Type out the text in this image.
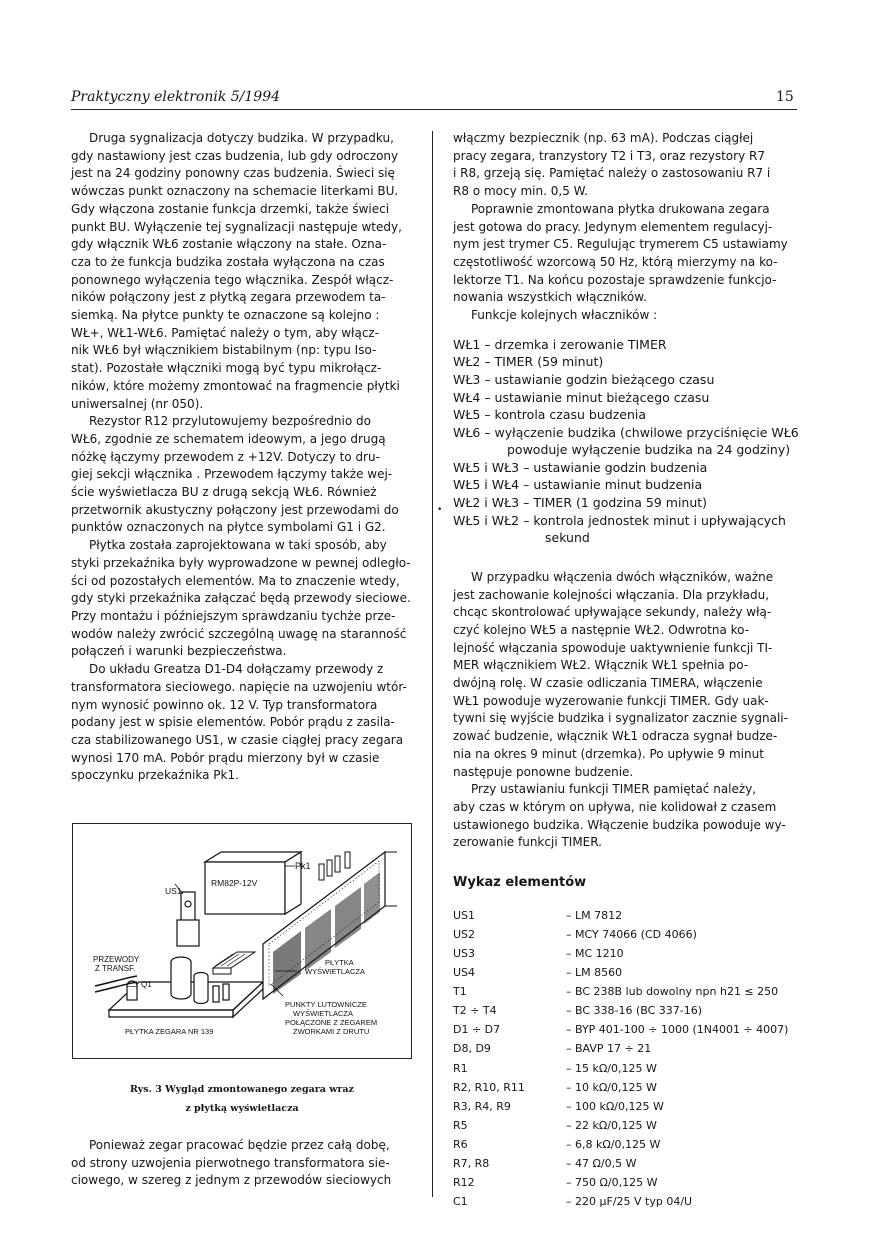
Praktyczny elektronik 5/1994	15

Druga sygnalizacja dotyczy budzika. W przypadku,
gdy nastawiony jest czas budzenia, lub gdy odroczony
jest na 24 godziny ponowny czas budzenia. Świeci się
wówczas punkt oznaczony na schemacie literkami BU.
Gdy włączona zostanie funkcja drzemki, także świeci
punkt BU. Wyłączenie tej sygnalizacji następuje wtedy,
gdy włącznik WŁ6 zostanie włączony na stałe. Ozna-
cza to że funkcja budzika została wyłączona na czas
ponownego wyłączenia tego włącznika. Zespół włącz-
ników połączony jest z płytką zegara przewodem ta-
siemką. Na płytce punkty te oznaczone są kolejno :
WŁ+, WŁ1-WŁ6. Pamiętać należy o tym, aby włącz-
nik WŁ6 był włącznikiem bistabilnym (np: typu Iso-
stat). Pozostałe włączniki mogą być typu mikrołącz-
ników, które możemy zmontować na fragmencie płytki
uniwersalnej (nr 050).

Rezystor R12 przylutowujemy bezpośrednio do
WŁ6, zgodnie ze schematem ideowym, a jego drugą
nóżkę łączymy przewodem z +12V. Dotyczy to dru-
giej sekcji włącznika . Przewodem łączymy także wej-
ście wyświetlacza BU z drugą sekcją WŁ6. Również
przetwornik akustyczny połączony jest przewodami do
punktów oznaczonych na płytce symbolami G1 i G2.

Płytka została zaprojektowana w taki sposób, aby
styki przekaźnika były wyprowadzone w pewnej odległo-
ści od pozostałych elementów. Ma to znaczenie wtedy,
gdy styki przekaźnika załączać będą przewody sieciowe.
Przy montażu i późniejszym sprawdzaniu tychże prze-
wodów należy zwrócić szczególną uwagę na staranność
połączeń i warunki bezpieczeństwa.

Do układu Greatza D1-D4 dołączamy przewody z
transformatora sieciowego. napięcie na uzwojeniu wtór-
nym wynosić powinno ok. 12 V. Typ transformatora
podany jest w spisie elementów. Pobór prądu z zasila-
cza stabilizowanego US1, w czasie ciągłej pracy zegara
wynosi 170 mA. Pobór prądu mierzony był w czasie
spoczynku przekaźnika Pk1.

Pk1
RM82P-12V
US1
PRZEWODY
Z TRANSF.
Q1
PŁYTKA
WYŚWIETLACZA
PUNKTY LUTOWNICZE
WYŚWIETLACZA
POŁĄCZONE Z ZEGAREM
ZWORKAMI Z DRUTU
PŁYTKA ZEGARA NR 139
Rys. 3 Wygląd zmontowanego zegara wraz
z płytką wyświetlacza

Ponieważ zegar pracować będzie przez całą dobę,
od strony uzwojenia pierwotnego transformatora sie-
ciowego, w szereg z jednym z przewodów sieciowych

•

włączmy bezpiecznik (np. 63 mA). Podczas ciągłej
pracy zegara, tranzystory T2 i T3, oraz rezystory R7
i R8, grzeją się. Pamiętać należy o zastosowaniu R7 i
R8 o mocy min. 0,5 W.

Poprawnie zmontowana płytka drukowana zegara
jest gotowa do pracy. Jedynym elementem regulacyj-
nym jest trymer C5. Regulując trymerem C5 ustawiamy
częstotliwość wzorcową 50 Hz, którą mierzymy na ko-
lektorze T1. Na końcu pozostaje sprawdzenie funkcjo-
nowania wszystkich włączników.

Funkcje kolejnych właczników :

WŁ1 – drzemka i zerowanie TIMER
WŁ2 – TIMER (59 minut)
WŁ3 – ustawianie godzin bieżącego czasu
WŁ4 – ustawianie minut bieżącego czasu
WŁ5 – kontrola czasu budzenia
WŁ6 – wyłączenie budzika (chwilowe przyciśnięcie WŁ6
powoduje wyłączenie budzika na 24 godziny)
WŁ5 i WŁ3 – ustawianie godzin budzenia
WŁ5 i WŁ4 – ustawianie minut budzenia
WŁ2 i WŁ3 – TIMER (1 godzina 59 minut)
WŁ5 i WŁ2 – kontrola jednostek minut i upływających
sekund

W przypadku włączenia dwóch włączników, ważne
jest zachowanie kolejności włączania. Dla przykładu,
chcąc skontrolować upływające sekundy, należy włą-
czyć kolejno WŁ5 a następnie WŁ2. Odwrotna ko-
lejność włączania spowoduje uaktywnienie funkcji TI-
MER włącznikiem WŁ2. Włącznik WŁ1 spełnia po-
dwójną rolę. W czasie odliczania TIMERA, włączenie
WŁ1 powoduje wyzerowanie funkcji TIMER. Gdy uak-
tywni się wyjście budzika i sygnalizator zacznie sygnali-
zować budzenie, włącznik WŁ1 odracza sygnał budze-
nia na okres 9 minut (drzemka). Po upływie 9 minut
następuje ponowne budzenie.

Przy ustawianiu funkcji TIMER pamiętać należy,
aby czas w którym on upływa, nie kolidował z czasem
ustawionego budzika. Włączenie budzika powoduje wy-
zerowanie funkcji TIMER.

Wykaz elementów
US1	– LM 7812
US2	– MCY 74066 (CD 4066)
US3	– MC 1210
US4	– LM 8560
T1	– BC 238B lub dowolny npn h21 ≤ 250
T2 ÷ T4	– BC 338-16 (BC 337-16)
D1 ÷ D7	– BYP 401-100 ÷ 1000 (1N4001 ÷ 4007)
D8, D9	– BAVP 17 ÷ 21
R1	– 15 kΩ/0,125 W
R2, R10, R11	– 10 kΩ/0,125 W
R3, R4, R9	– 100 kΩ/0,125 W
R5	– 22 kΩ/0,125 W
R6	– 6,8 kΩ/0,125 W
R7, R8	– 47 Ω/0,5 W
R12	– 750 Ω/0,125 W
C1	– 220 µF/25 V typ 04/U
